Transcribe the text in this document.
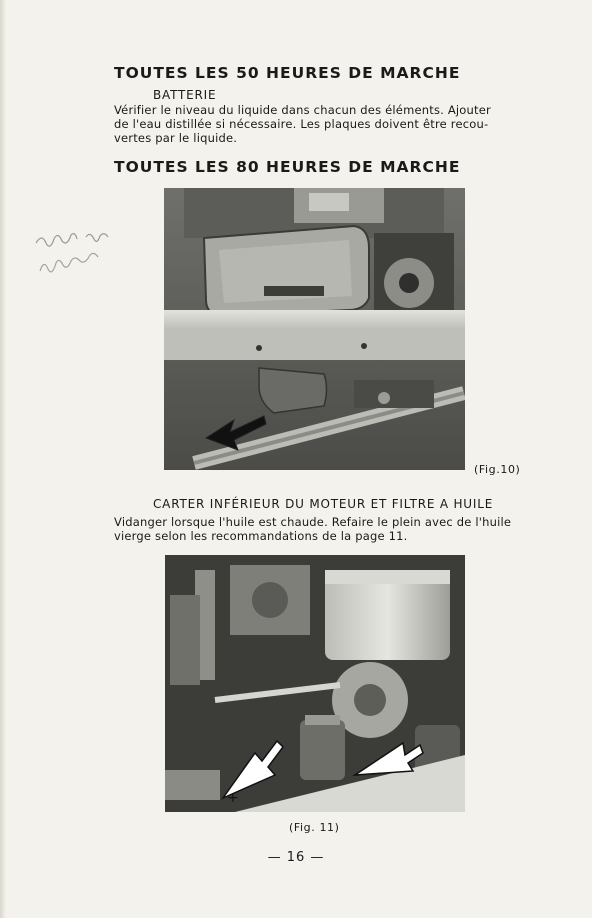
TOUTES LES 50 HEURES DE MARCHE
BATTERIE
Vérifier le niveau du liquide dans chacun des éléments. Ajouter
de l'eau distillée si nécessaire. Les plaques doivent être recou-
vertes par le liquide.
TOUTES LES 80 HEURES DE MARCHE
(Fig.10)
CARTER INFÉRIEUR DU MOTEUR ET FILTRE A HUILE
Vidanger lorsque l'huile est chaude. Refaire le plein avec de l'huile
vierge selon les recommandations de la page 11.
+
(Fig. 11)
— 16 —
